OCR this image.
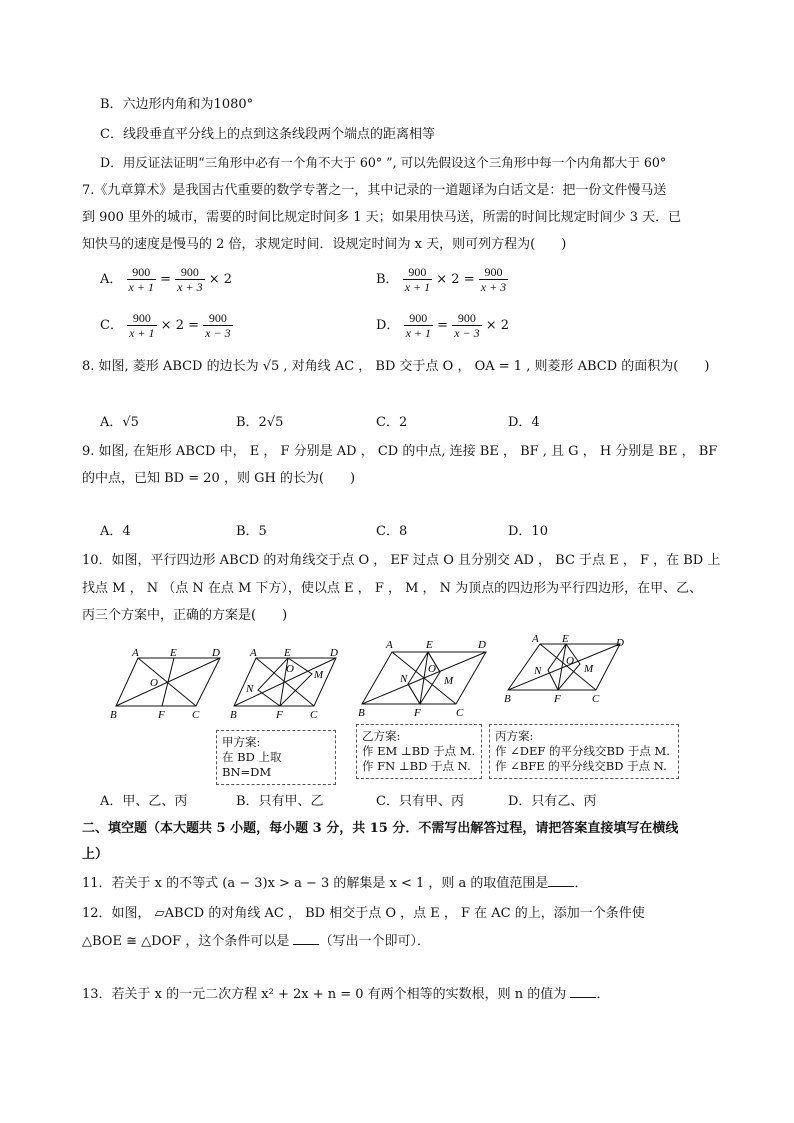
B．六边形内角和为1080°
C．线段垂直平分线上的点到这条线段两个端点的距离相等
D．用反证法证明“三角形中必有一个角不大于 60° ”, 可以先假设这个三角形中每一个内角都大于 60°
7.《九章算术》是我国古代重要的数学专著之一，其中记录的一道题译为白话文是：把一份文件慢马送
到 900 里外的城市，需要的时间比规定时间多 1 天；如果用快马送，所需的时间比规定时间少 3 天．已
知快马的速度是慢马的 2 倍，求规定时间．设规定时间为 x 天，则可列方程为(　　)
A． $\frac{900}{x + 1} = \frac{900}{x + 3} \times 2$	B． $\frac{900}{x + 1} \times 2 = \frac{900}{x + 3}$
C． $\frac{900}{x + 1} \times 2 = \frac{900}{x - 3}$	D． $\frac{900}{x + 1} = \frac{900}{x - 3} \times 2$
8. 如图, 菱形 ABCD 的边长为 √5 , 对角线 AC ， BD 交于点 O ， OA = 1 , 则菱形 ABCD 的面积为(　　)
A．√5	B．2√5	C．2	D．4
9. 如图, 在矩形 ABCD 中， E ， F 分别是 AD ， CD 的中点, 连接 BE ， BF , 且 G ， H 分别是 BE ， BF
的中点，已知 BD = 20 ，则 GH 的长为(　　)
A．4	B．5	C．8	D．10
10．如图，平行四边形 ABCD 的对角线交于点 O ， EF 过点 O 且分别交 AD ， BC 于点 E ， F ，在 BD 上
找点 M ， N （点 N 在点 M 下方），使以点 E ， F ， M ， N 为顶点的四边形为平行四边形，在甲、乙、
丙三个方案中，正确的方案是(　　)
A	E	D
O
B	F C
A E	D
O M
N
B	F C
A	E	D
O
M
N
B	F	C
A E	D
O
M
N
B	F	C
甲方案:
在 BD 上取BN=DM
乙方案:
作 EM ⊥BD 于点 M.
作 FN ⊥BD 于点 N.
丙方案:
作 ∠DEF 的平分线交BD 于点 M.
作 ∠BFE 的平分线交BD 于点 N.
A．甲、乙、丙	B．只有甲、乙	C．只有甲、丙	D．只有乙、丙
二、填空题（本大题共 5 小题，每小题 3 分，共 15 分．不需写出解答过程，请把答案直接填写在横线
上）
11．若关于 x 的不等式 (a − 3)x > a − 3 的解集是 x < 1 ，则 a 的取值范围是 ．
12．如图， ▱ABCD 的对角线 AC ， BD 相交于点 O ，点 E ， F 在 AC 的上，添加一个条件使
△BOE ≅ △DOF ，这个条件可以是 （写出一个即可）．
13．若关于 x 的一元二次方程 x² + 2x + n = 0 有两个相等的实数根，则 n 的值为 ．
